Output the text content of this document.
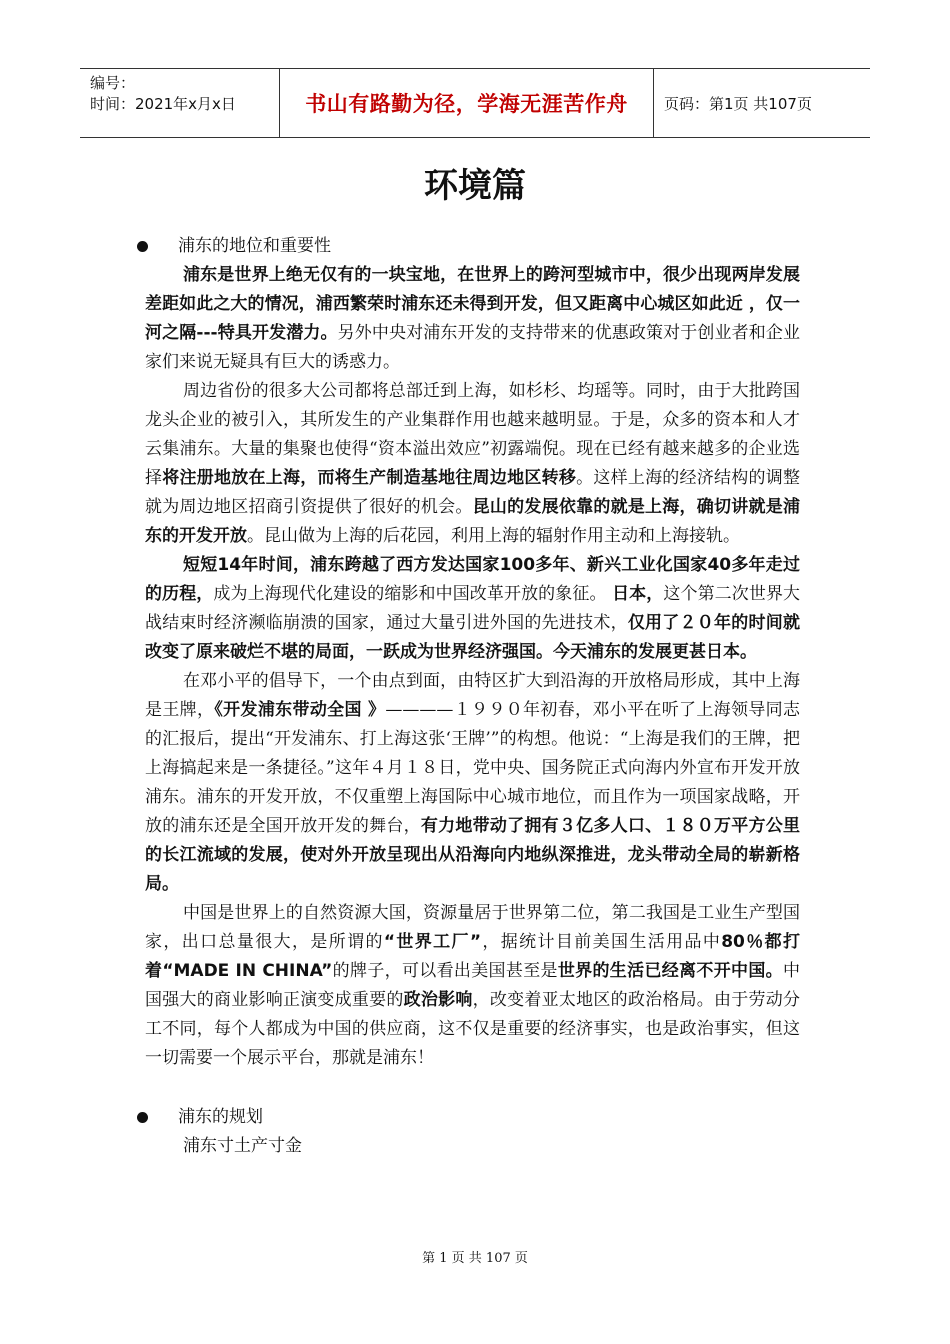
编号：
时间：2021年x月x日	书山有路勤为径，学海无涯苦作舟 页码：第1页 共107页
环境篇
浦东的地位和重要性

浦东是世界上绝无仅有的一块宝地，在世界上的跨河型城市中，很少出现两岸发展差距如此之大的情况，浦西繁荣时浦东还未得到开发，但又距离中心城区如此近 ，仅一河之隔---特具开发潜力。另外中央对浦东开发的支持带来的优惠政策对于创业者和企业家们来说无疑具有巨大的诱惑力。

周边省份的很多大公司都将总部迁到上海，如杉杉、均瑶等。同时，由于大批跨国龙头企业的被引入，其所发生的产业集群作用也越来越明显。于是，众多的资本和人才云集浦东。大量的集聚也使得“资本溢出效应”初露端倪。现在已经有越来越多的企业选择将注册地放在上海，而将生产制造基地往周边地区转移。这样上海的经济结构的调整就为周边地区招商引资提供了很好的机会。昆山的发展依靠的就是上海，确切讲就是浦东的开发开放。昆山做为上海的后花园，利用上海的辐射作用主动和上海接轨。

短短14年时间，浦东跨越了西方发达国家100多年、新兴工业化国家40多年走过的历程，成为上海现代化建设的缩影和中国改革开放的象征。 日本，这个第二次世界大战结束时经济濒临崩溃的国家，通过大量引进外国的先进技术，仅用了２０年的时间就改变了原来破烂不堪的局面，一跃成为世界经济强国。今天浦东的发展更甚日本。

在邓小平的倡导下，一个由点到面，由特区扩大到沿海的开放格局形成，其中上海是王牌，《开发浦东带动全国 》————１９９０年初春，邓小平在听了上海领导同志的汇报后，提出“开发浦东、打上海这张‘王牌’”的构想。他说：“上海是我们的王牌，把上海搞起来是一条捷径。”这年４月１８日，党中央、国务院正式向海内外宣布开发开放浦东。浦东的开发开放，不仅重塑上海国际中心城市地位，而且作为一项国家战略，开放的浦东还是全国开放开发的舞台，有力地带动了拥有３亿多人口、１８０万平方公里的长江流域的发展，使对外开放呈现出从沿海向内地纵深推进，龙头带动全局的崭新格局。

中国是世界上的自然资源大国，资源量居于世界第二位，第二我国是工业生产型国家，出口总量很大，是所谓的“世界工厂”，据统计目前美国生活用品中80％都打着“MADE IN CHINA”的牌子，可以看出美国甚至是世界的生活已经离不开中国。中国强大的商业影响正演变成重要的政治影响，改变着亚太地区的政治格局。由于劳动分工不同，每个人都成为中国的供应商，这不仅是重要的经济事实，也是政治事实，但这一切需要一个展示平台，那就是浦东！

浦东的规划

浦东寸土产寸金

第 1 页 共 107 页
